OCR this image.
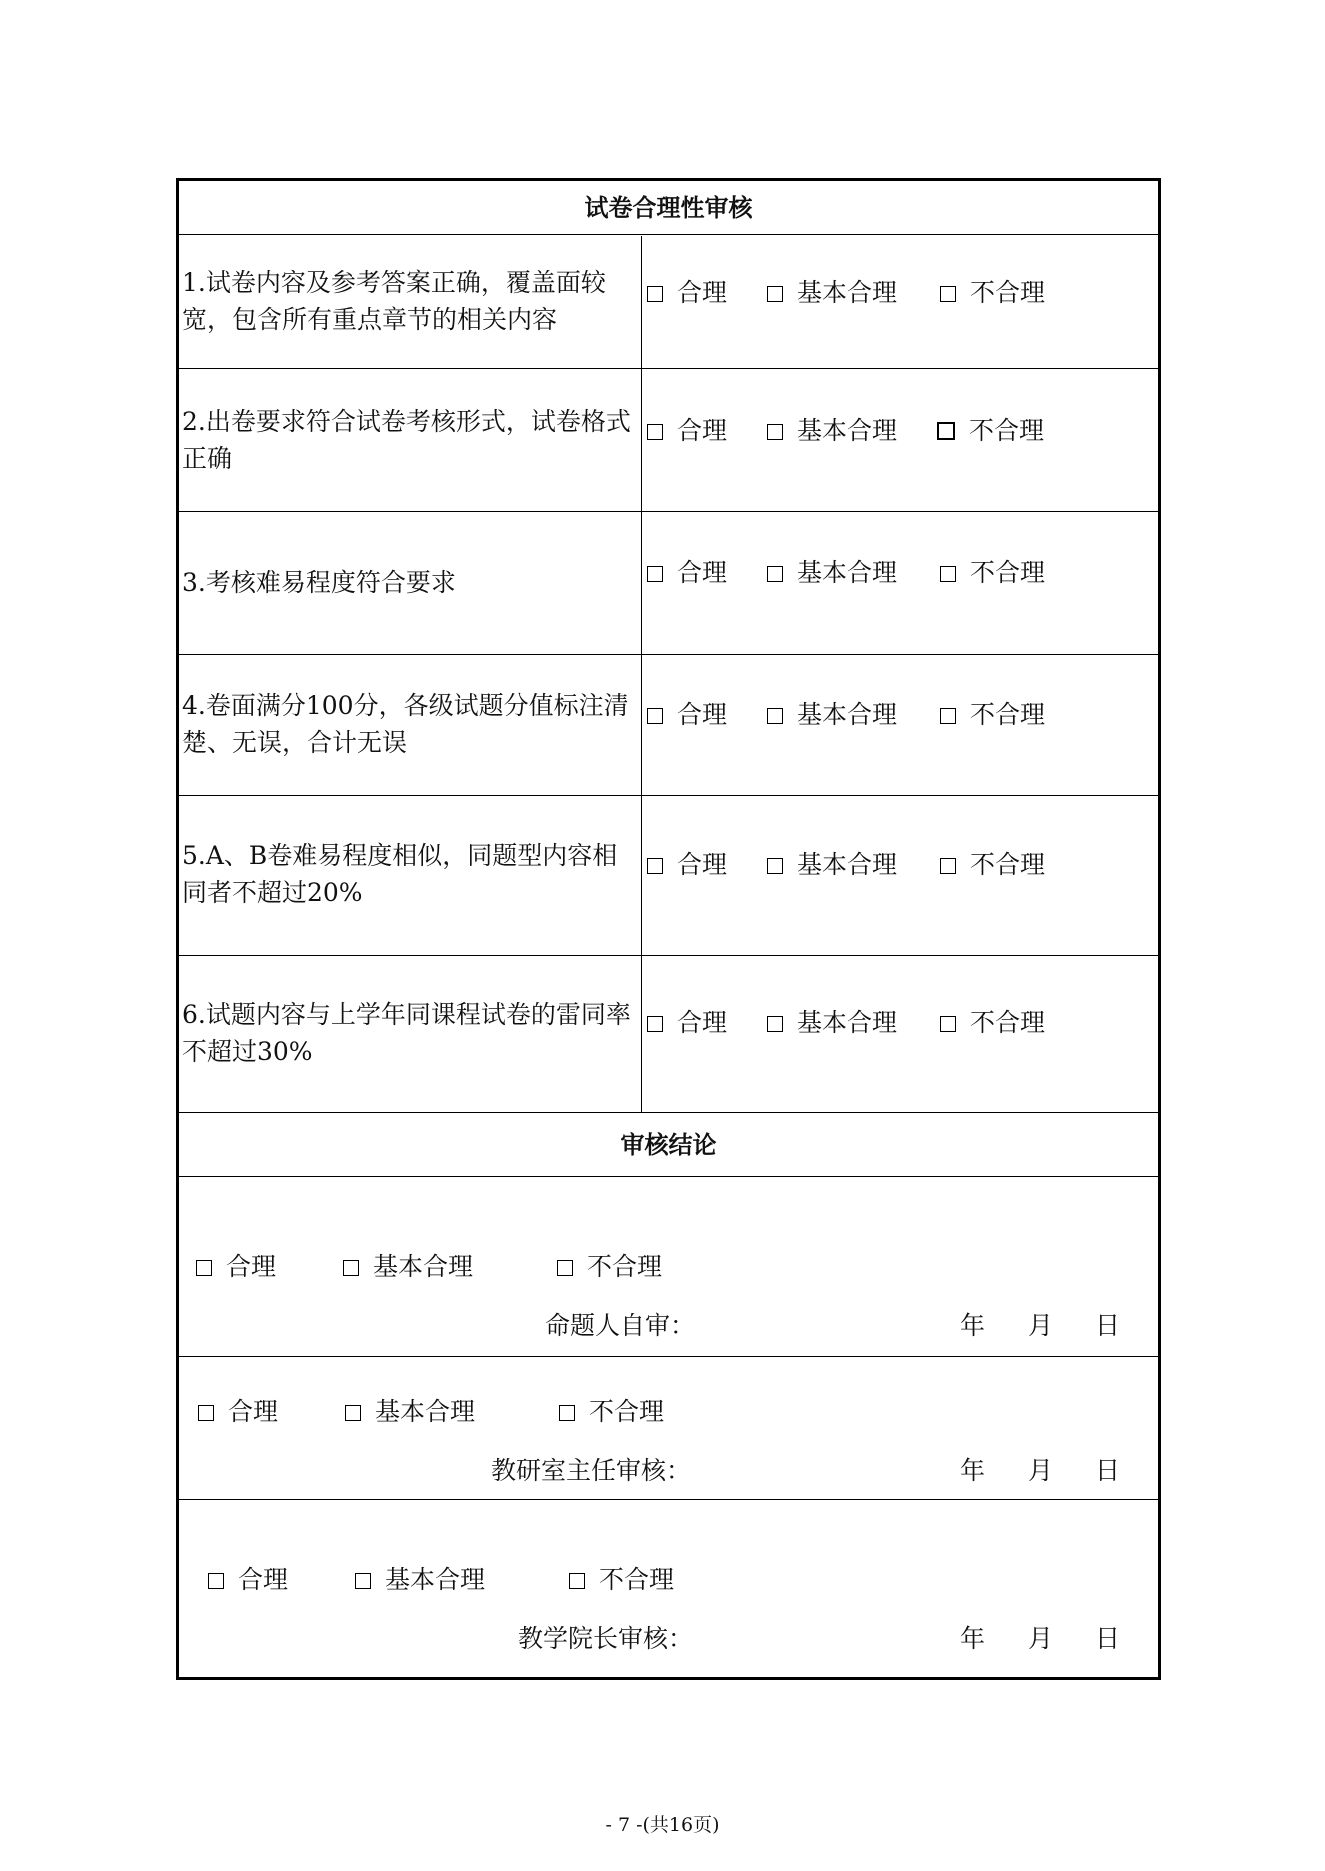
试卷合理性审核
1.试卷内容及参考答案正确，覆盖面较宽，包含所有重点章节的相关内容
合理	基本合理	不合理
2.出卷要求符合试卷考核形式，试卷格式正确
合理	基本合理	不合理
3.考核难易程度符合要求	合理	基本合理	不合理
4.卷面满分100分，各级试题分值标注清楚、无误，合计无误
合理	基本合理	不合理
5.A、B卷难易程度相似，同题型内容相同者不超过20%
合理	基本合理	不合理
6.试题内容与上学年同课程试卷的雷同率不超过30%
合理	基本合理	不合理
审核结论
合理	基本合理	不合理
命题人自审：	年 月 日
合理	基本合理	不合理
教研室主任审核：	年 月 日
合理	基本合理	不合理
教学院长审核：	年 月 日
- 7 -(共16页)
